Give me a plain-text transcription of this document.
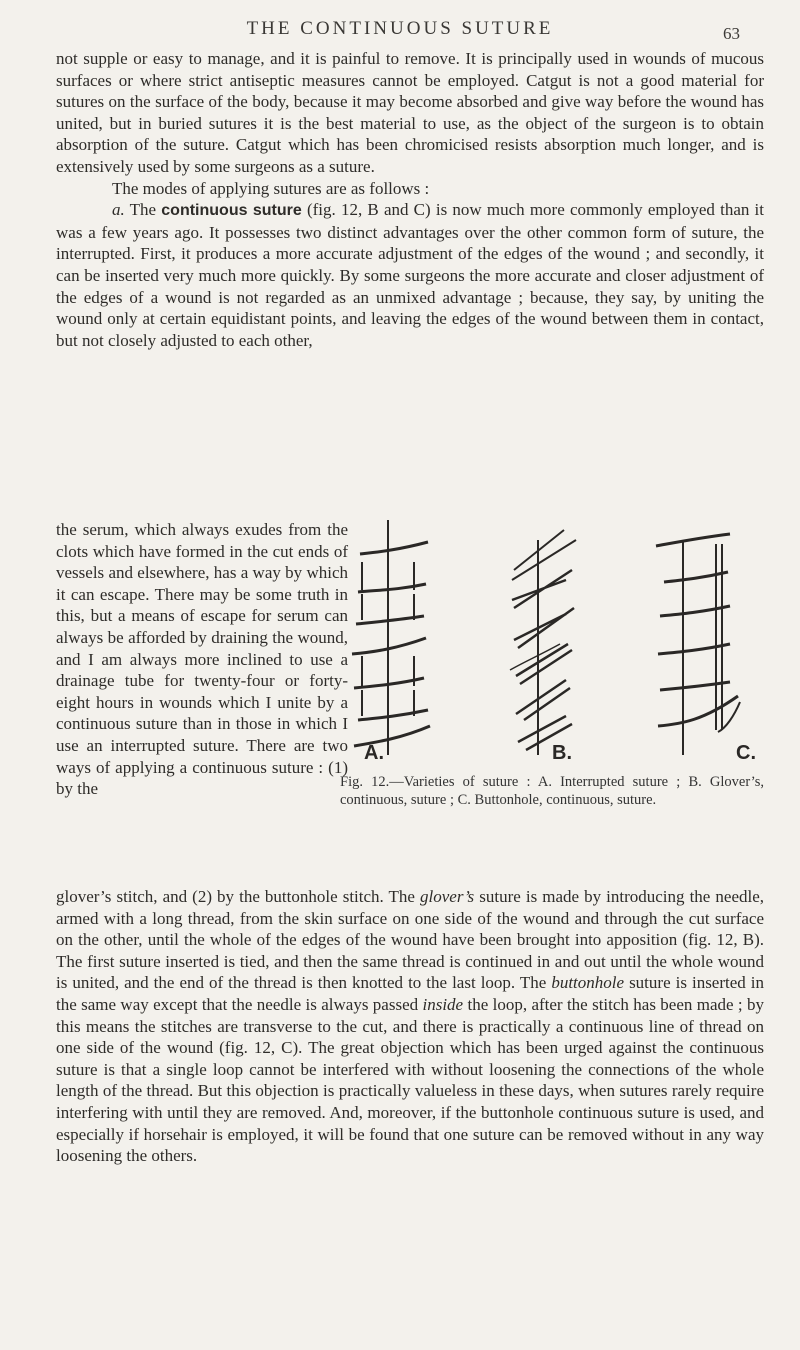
THE CONTINUOUS SUTURE	63

not supple or easy to manage, and it is painful to remove. It is principally used in wounds of mucous surfaces or where strict antiseptic measures cannot be employed. Catgut is not a good material for sutures on the surface of the body, because it may become absorbed and give way before the wound has united, but in buried sutures it is the best material to use, as the object of the surgeon is to obtain absorption of the suture. Catgut which has been chromicised resists absorption much longer, and is extensively used by some surgeons as a suture.

The modes of applying sutures are as follows :

a. The continuous suture (fig. 12, B and C) is now much more commonly employed than it was a few years ago. It possesses two distinct advantages over the other common form of suture, the interrupted. First, it produces a more accurate adjustment of the edges of the wound ; and secondly, it can be inserted very much more quickly. By some surgeons the more accurate and closer adjustment of the edges of a wound is not regarded as an unmixed advantage ; because, they say, by uniting the wound only at certain equidistant points, and leaving the edges of the wound between them in contact, but not closely adjusted to each other,

the serum, which always exudes from the clots which have formed in the cut ends of vessels and elsewhere, has a way by which it can escape. There may be some truth in this, but a means of escape for serum can always be afforded by draining the wound, and I am always more inclined to use a drainage tube for twenty-four or forty-eight hours in wounds which I unite by a continuous suture than in those in which I use an interrupted suture. There are two ways of applying a continuous suture : (1) by the

A.	B.	C.
Fig. 12.—Varieties of suture : A. Interrupted suture ; B. Glover’s, continuous, suture ; C. Buttonhole, continuous, suture.

glover’s stitch, and (2) by the buttonhole stitch. The glover’s suture is made by introducing the needle, armed with a long thread, from the skin surface on one side of the wound and through the cut surface on the other, until the whole of the edges of the wound have been brought into apposition (fig. 12, B). The first suture inserted is tied, and then the same thread is continued in and out until the whole wound is united, and the end of the thread is then knotted to the last loop. The buttonhole suture is inserted in the same way except that the needle is always passed inside the loop, after the stitch has been made ; by this means the stitches are transverse to the cut, and there is practically a continuous line of thread on one side of the wound (fig. 12, C). The great objection which has been urged against the continuous suture is that a single loop cannot be interfered with without loosening the connections of the whole length of the thread. But this objection is practically valueless in these days, when sutures rarely require interfering with until they are removed. And, moreover, if the buttonhole continuous suture is used, and especially if horsehair is employed, it will be found that one suture can be removed without in any way loosening the others.
